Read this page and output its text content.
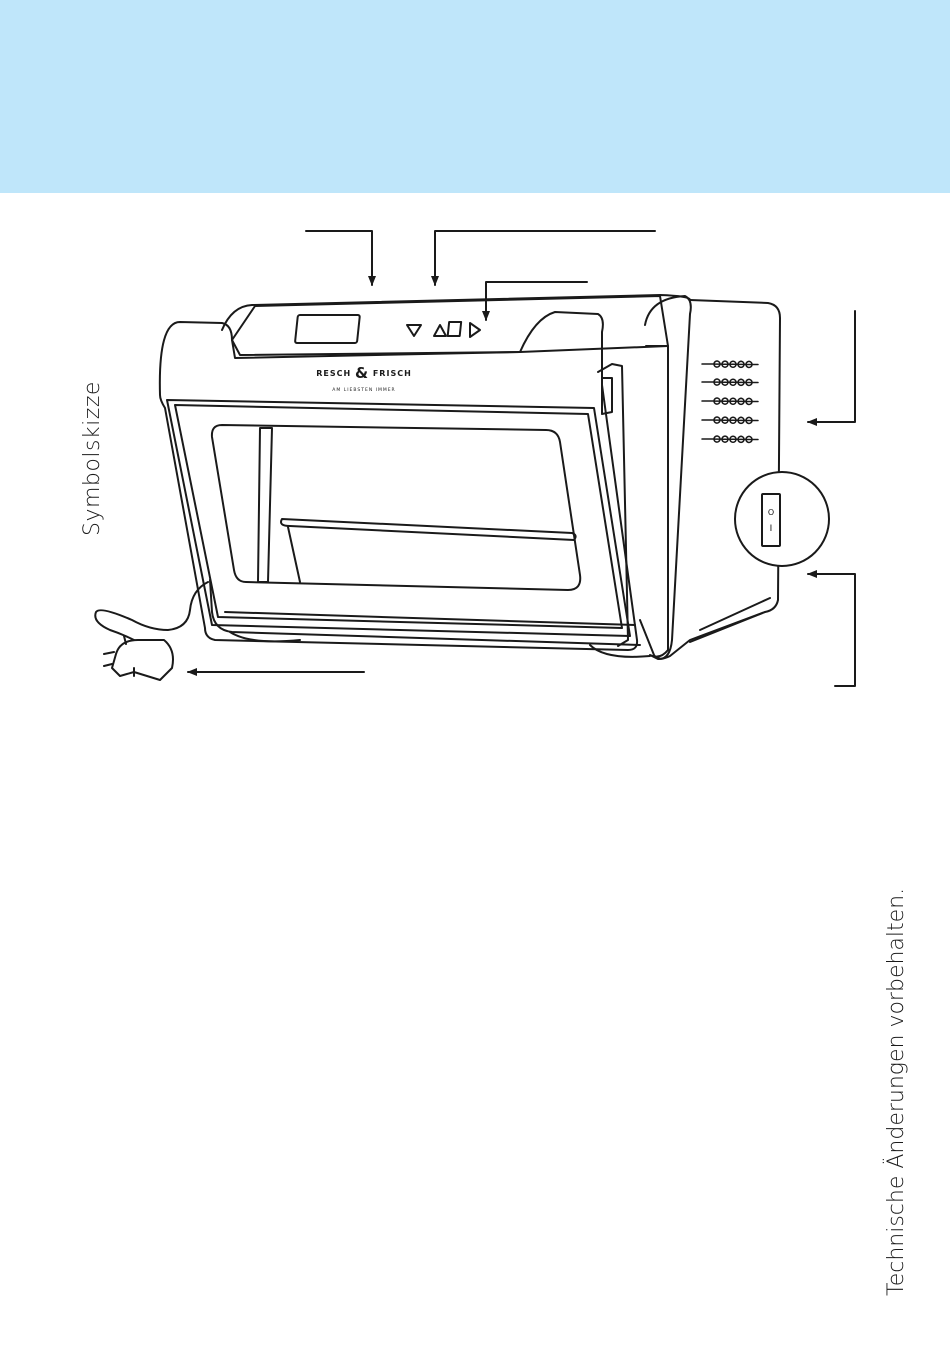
RESCH & FRISCH
AM LIEBSTEN IMMER
O
I
Symbolskizze
Technische Änderungen vorbehalten.
